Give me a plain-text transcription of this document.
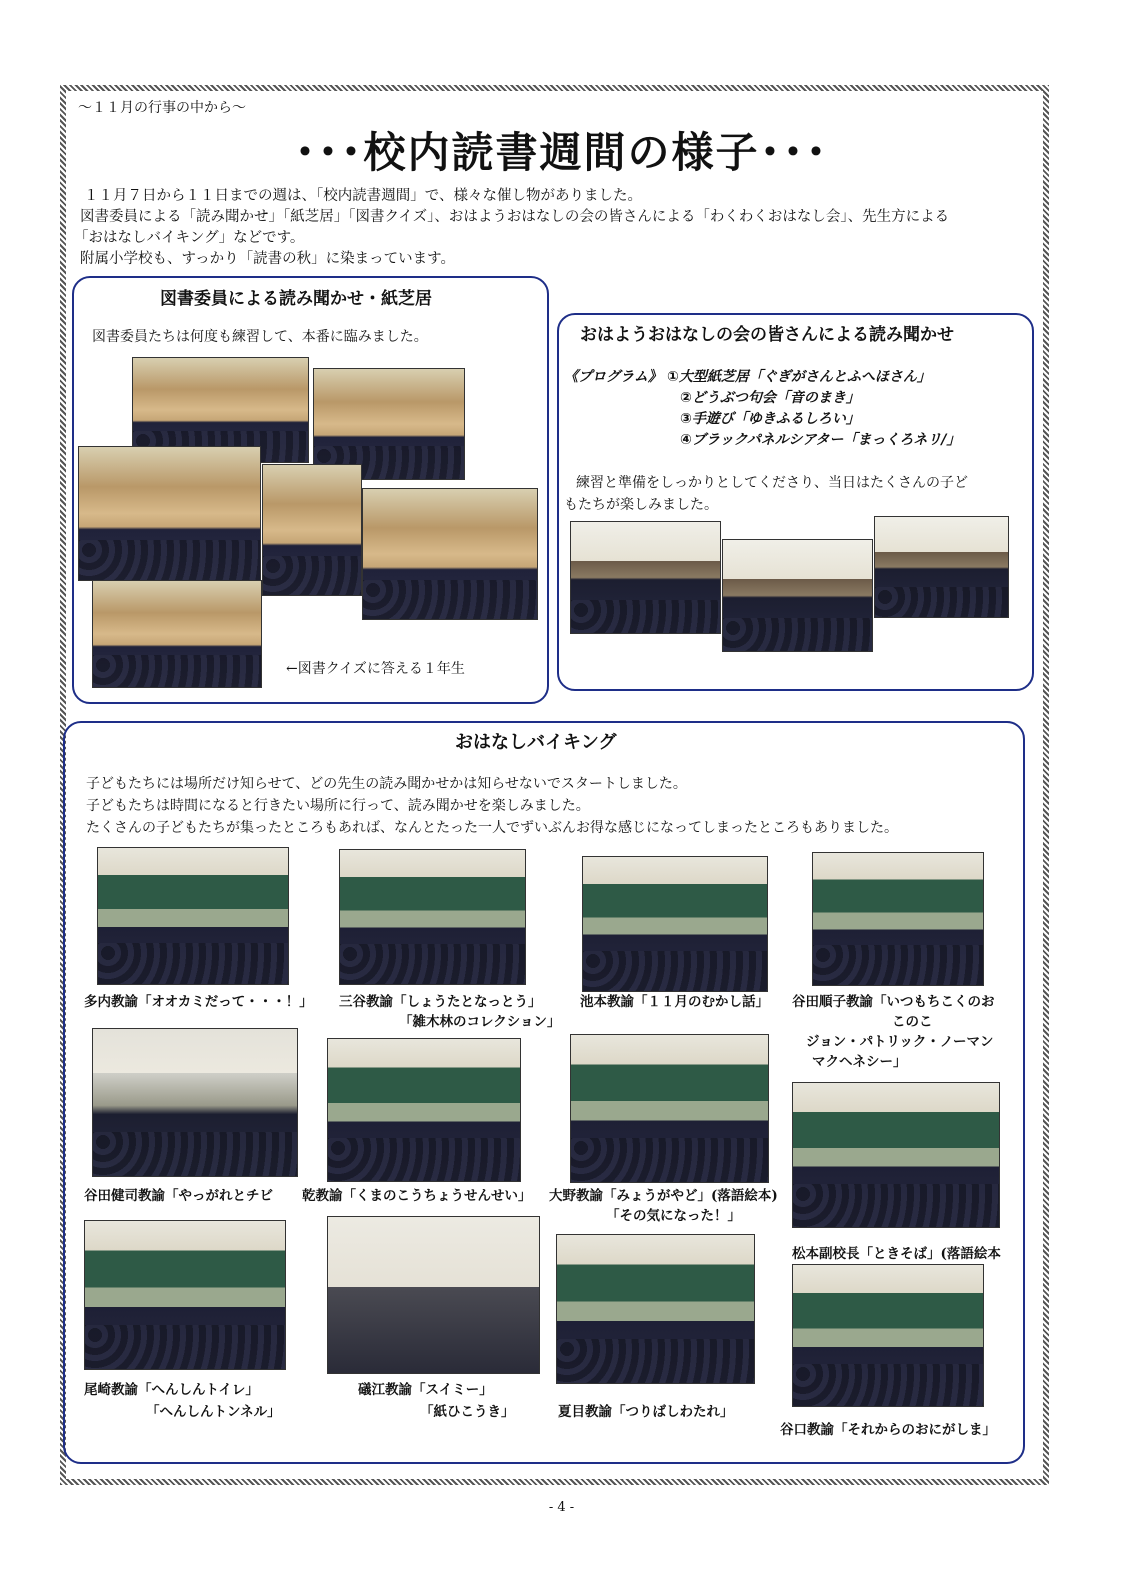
～１１月の行事の中から～
･･･校内読書週間の様子･･･
１１月７日から１１日までの週は、「校内読書週間」で、様々な催し物がありました。
図書委員による「読み聞かせ」「紙芝居」「図書クイズ」、おはようおはなしの会の皆さんによる「わくわくおはなし会」、先生方による
「おはなしバイキング」などです。
附属小学校も、すっかり「読書の秋」に染まっています。
図書委員による読み聞かせ・紙芝居
図書委員たちは何度も練習して、本番に臨みました。
←図書クイズに答える１年生
おはようおはなしの会の皆さんによる読み聞かせ
《プログラム》 ①大型紙芝居「ぐぎがさんとふへほさん」
②どうぶつ句会「音のまき」
③手遊び「ゆきふるしろい」
④ブラックパネルシアター「まっくろネリ/」
練習と準備をしっかりとしてくださり、当日はたくさんの子ど
もたちが楽しみました。
おはなしバイキング
子どもたちには場所だけ知らせて、どの先生の読み聞かせかは知らせないでスタートしました。
子どもたちは時間になると行きたい場所に行って、読み聞かせを楽しみました。
たくさんの子どもたちが集ったところもあれば、なんとたった一人でずいぶんお得な感じになってしまったところもありました。
多内教諭「オオカミだって・・・！」 三谷教諭「しょうたとなっとう」
「雑木林のコレクション」
池本教諭「１１月のむかし話」 谷田順子教諭「いつもちこくのお
このこ
ジョン・パトリック・ノーマン
マクヘネシー」
谷田健司教諭「やっがれとチビ 乾教諭「くまのこうちょうせんせい」 大野教諭「みょうがやど」(落語絵本)
「その気になった！」
松本副校長「ときそば」(落語絵本
尾崎教諭「へんしんトイレ」
「へんしんトンネル」
礒江教諭「スイミー」
「紙ひこうき」	夏目教諭「つりばしわたれ」
谷口教諭「それからのおにがしま」
- 4 -
